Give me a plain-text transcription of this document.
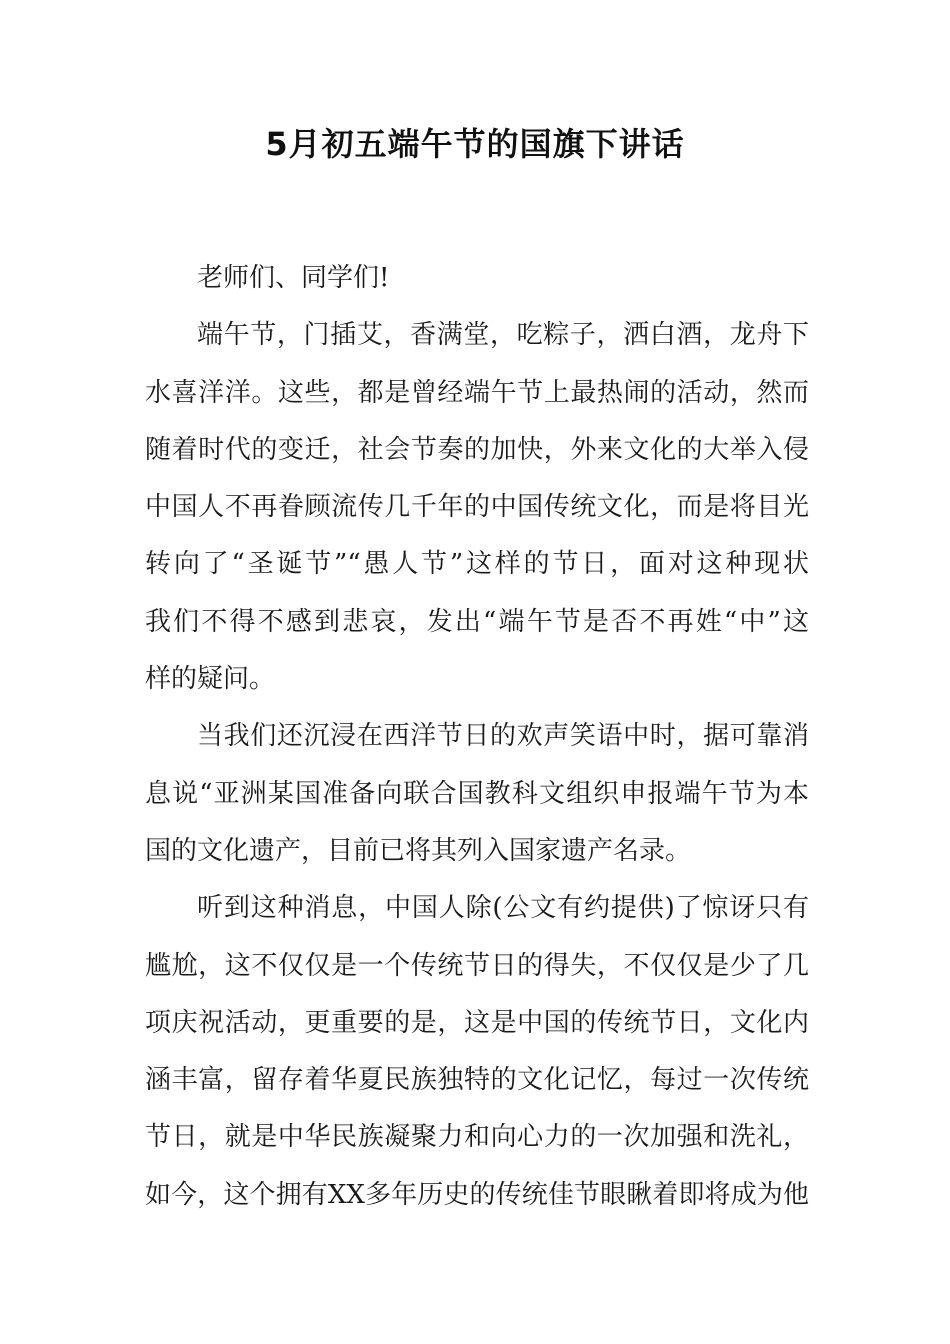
5月初五端午节的国旗下讲话

老师们、同学们!

端午节，门插艾，香满堂，吃粽子，洒白酒，龙舟下
水喜洋洋。这些，都是曾经端午节上最热闹的活动，然而
随着时代的变迁，社会节奏的加快，外来文化的大举入侵
中国人不再眷顾流传几千年的中国传统文化，而是将目光
转向了“圣诞节”“愚人节”这样的节日，面对这种现状
我们不得不感到悲哀，发出“端午节是否不再姓“中”这
样的疑问。

当我们还沉浸在西洋节日的欢声笑语中时，据可靠消
息说“亚洲某国准备向联合国教科文组织申报端午节为本
国的文化遗产，目前已将其列入国家遗产名录。

听到这种消息，中国人除(公文有约提供)了惊讶只有
尴尬，这不仅仅是一个传统节日的得失，不仅仅是少了几
项庆祝活动，更重要的是，这是中国的传统节日，文化内
涵丰富，留存着华夏民族独特的文化记忆，每过一次传统
节日，就是中华民族凝聚力和向心力的一次加强和洗礼，
如今，这个拥有XX多年历史的传统佳节眼瞅着即将成为他
